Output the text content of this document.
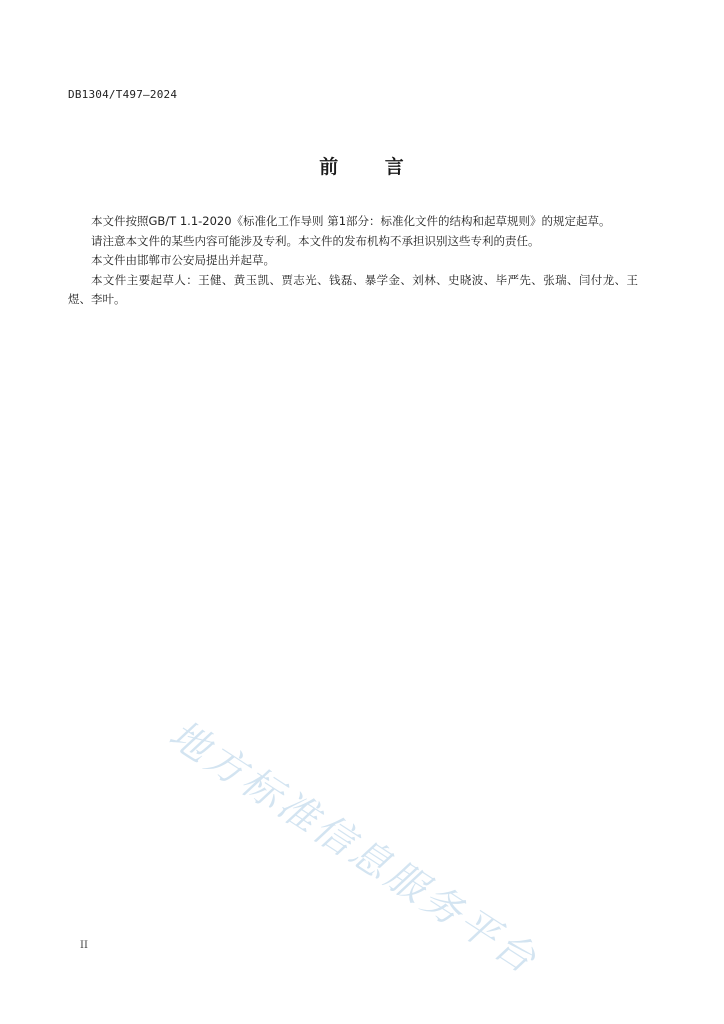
DB1304/T497—2024
前 言

本文件按照GB/T 1.1-2020《标准化工作导则 第1部分：标准化文件的结构和起草规则》的规定起草。

请注意本文件的某些内容可能涉及专利。本文件的发布机构不承担识别这些专利的责任。

本文件由邯郸市公安局提出并起草。

本文件主要起草人：王健、黄玉凯、贾志光、钱磊、暴学金、刘林、史晓波、毕严先、张瑞、闫付龙、王煜、李叶。

地方标准信息服务平台
II
